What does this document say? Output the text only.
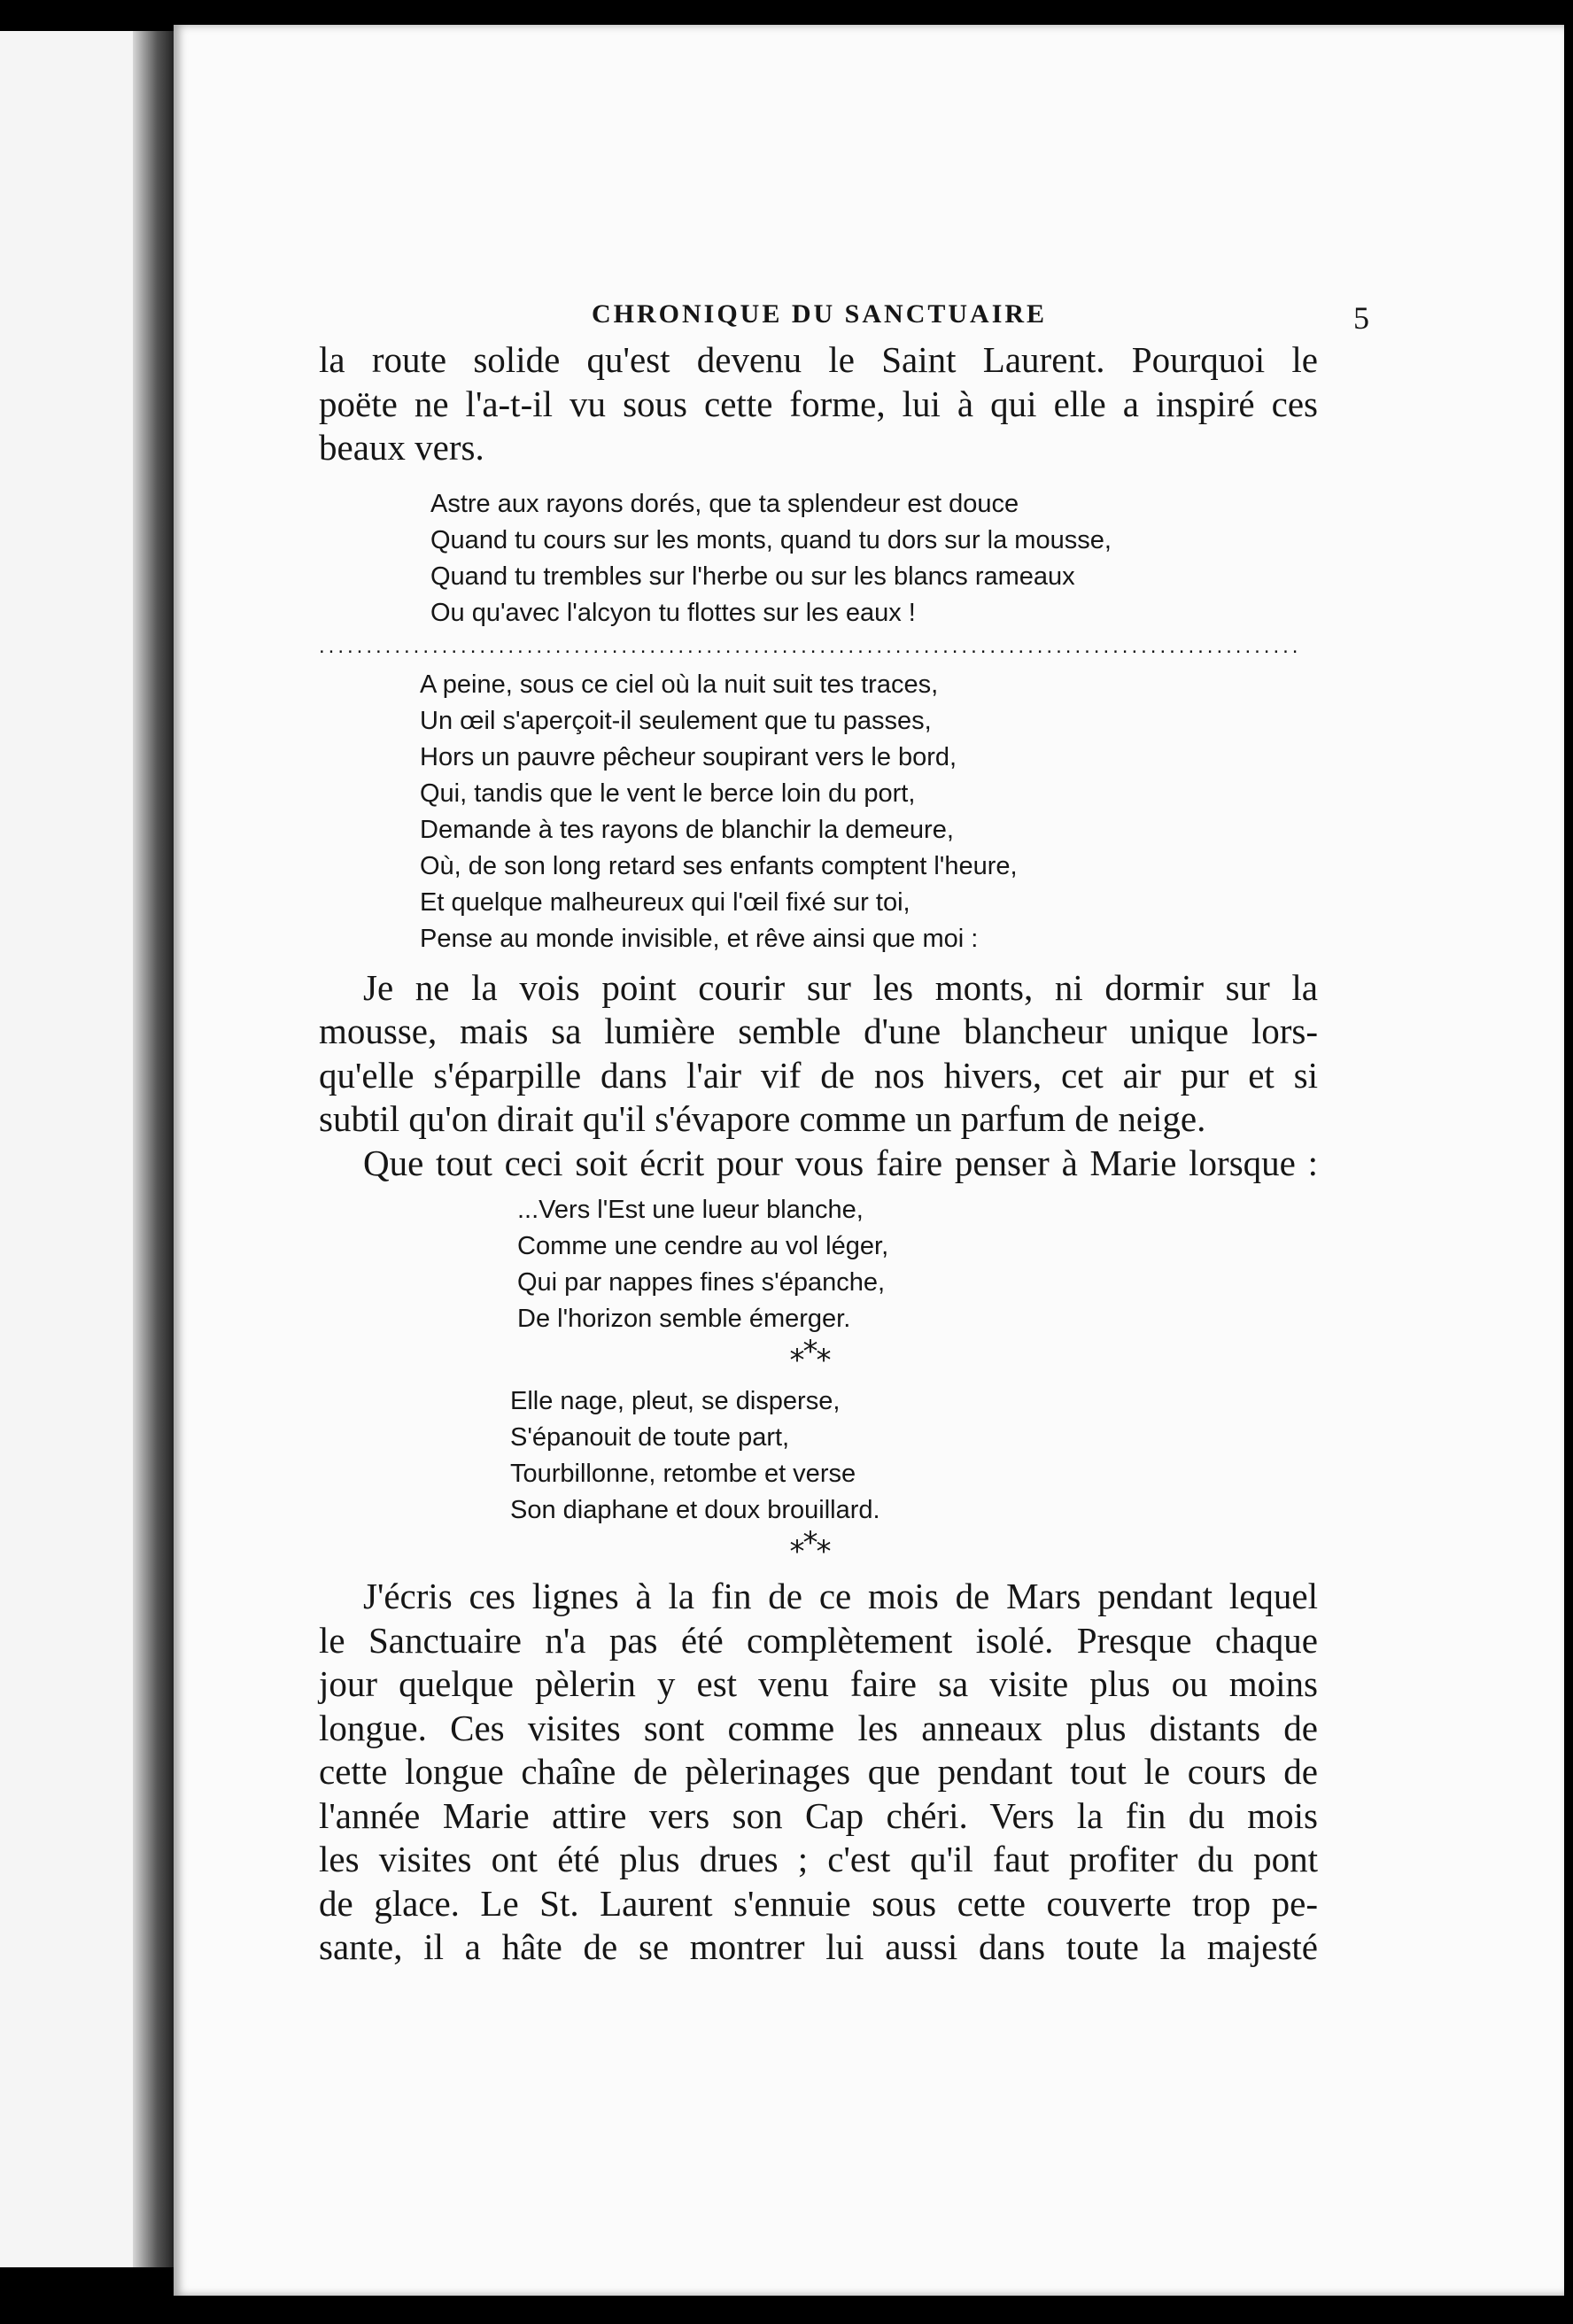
CHRONIQUE DU SANCTUAIRE	5

la route solide qu'est devenu le Saint Laurent. Pourquoi le

poëte ne l'a-t-il vu sous cette forme, lui à qui elle a inspiré ces

beaux vers.

Astre aux rayons dorés, que ta splendeur est douce
Quand tu cours sur les monts, quand tu dors sur la mousse,
Quand tu trembles sur l'herbe ou sur les blancs rameaux
Ou qu'avec l'alcyon tu flottes sur les eaux !
........................................................................................................
A peine, sous ce ciel où la nuit suit tes traces,
Un œil s'aperçoit-il seulement que tu passes,
Hors un pauvre pêcheur soupirant vers le bord,
Qui, tandis que le vent le berce loin du port,
Demande à tes rayons de blanchir la demeure,
Où, de son long retard ses enfants comptent l'heure,
Et quelque malheureux qui l'œil fixé sur toi,
Pense au monde invisible, et rêve ainsi que moi :

Je ne la vois point courir sur les monts, ni dormir sur la

mousse, mais sa lumière semble d'une blancheur unique lors-

qu'elle s'éparpille dans l'air vif de nos hivers, cet air pur et si

subtil qu'on dirait qu'il s'évapore comme un parfum de neige.

Que tout ceci soit écrit pour vous faire penser à Marie lorsque :

...Vers l'Est une lueur blanche,
Comme une cendre au vol léger,
Qui par nappes fines s'épanche,
De l'horizon semble émerger.
***
Elle nage, pleut, se disperse,
S'épanouit de toute part,
Tourbillonne, retombe et verse
Son diaphane et doux brouillard.
***

J'écris ces lignes à la fin de ce mois de Mars pendant lequel

le Sanctuaire n'a pas été complètement isolé. Presque chaque

jour quelque pèlerin y est venu faire sa visite plus ou moins

longue. Ces visites sont comme les anneaux plus distants de

cette longue chaîne de pèlerinages que pendant tout le cours de

l'année Marie attire vers son Cap chéri. Vers la fin du mois

les visites ont été plus drues ; c'est qu'il faut profiter du pont

de glace. Le St. Laurent s'ennuie sous cette couverte trop pe-

sante, il a hâte de se montrer lui aussi dans toute la majesté
